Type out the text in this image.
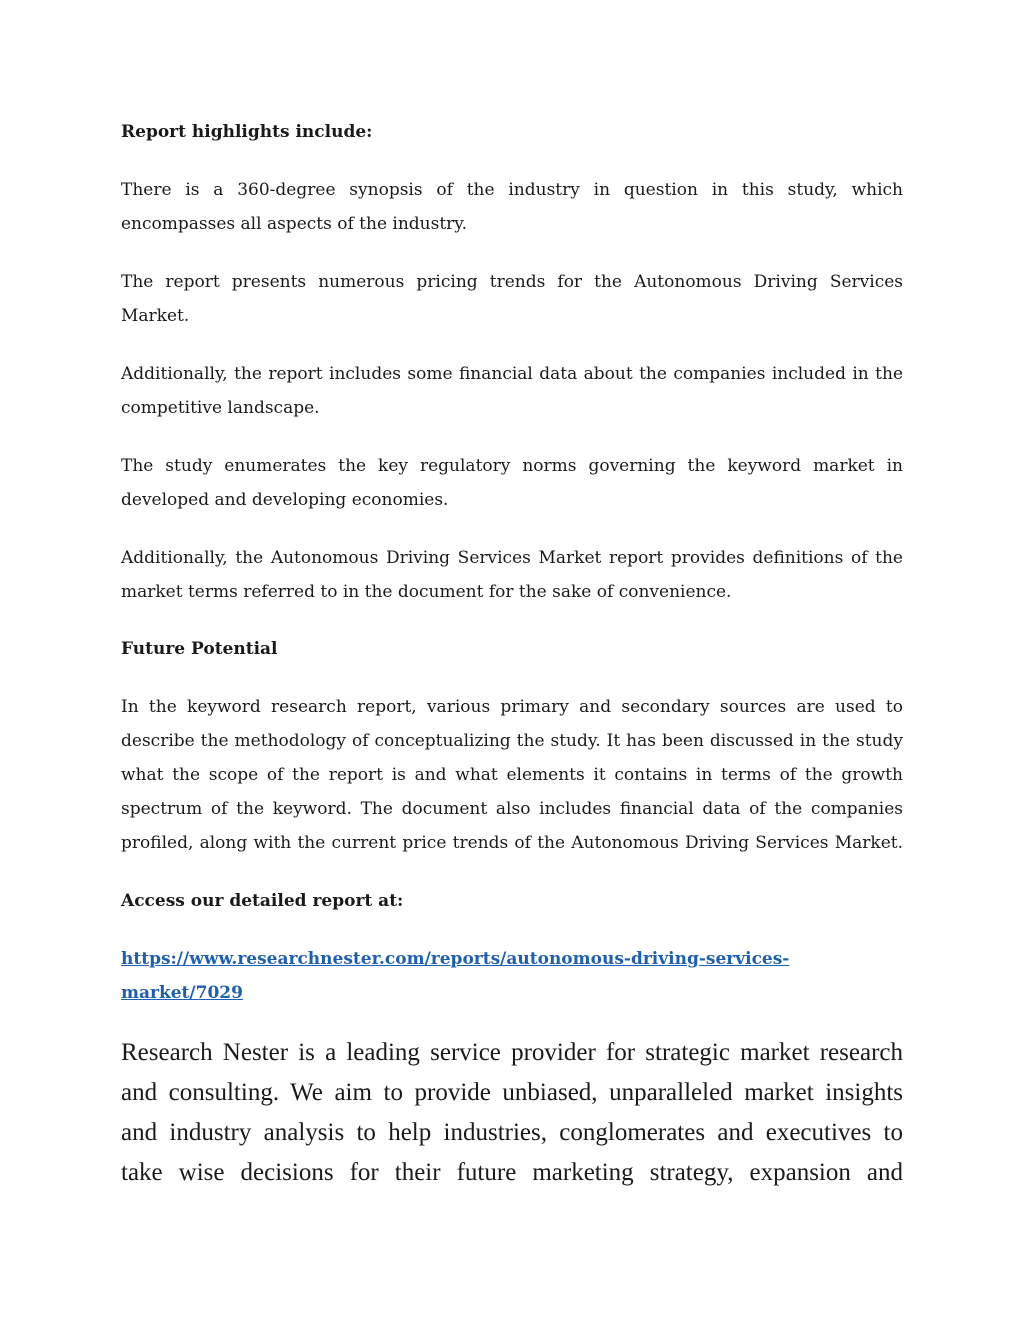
Report highlights include:
There is a 360-degree synopsis of the industry in question in this study, which
encompasses all aspects of the industry.
The report presents numerous pricing trends for the Autonomous Driving Services
Market.
Additionally, the report includes some financial data about the companies included in the
competitive landscape.
The study enumerates the key regulatory norms governing the keyword market in
developed and developing economies.
Additionally, the Autonomous Driving Services Market report provides definitions of the
market terms referred to in the document for the sake of convenience.
Future Potential
In the keyword research report, various primary and secondary sources are used to
describe the methodology of conceptualizing the study. It has been discussed in the study
what the scope of the report is and what elements it contains in terms of the growth
spectrum of the keyword. The document also includes financial data of the companies
profiled, along with the current price trends of the Autonomous Driving Services Market.
Access our detailed report at:
https://www.researchnester.com/reports/autonomous-driving-services-
market/7029
Research Nester is a leading service provider for strategic market research
and consulting. We aim to provide unbiased, unparalleled market insights
and industry analysis to help industries, conglomerates and executives to
take wise decisions for their future marketing strategy, expansion and
